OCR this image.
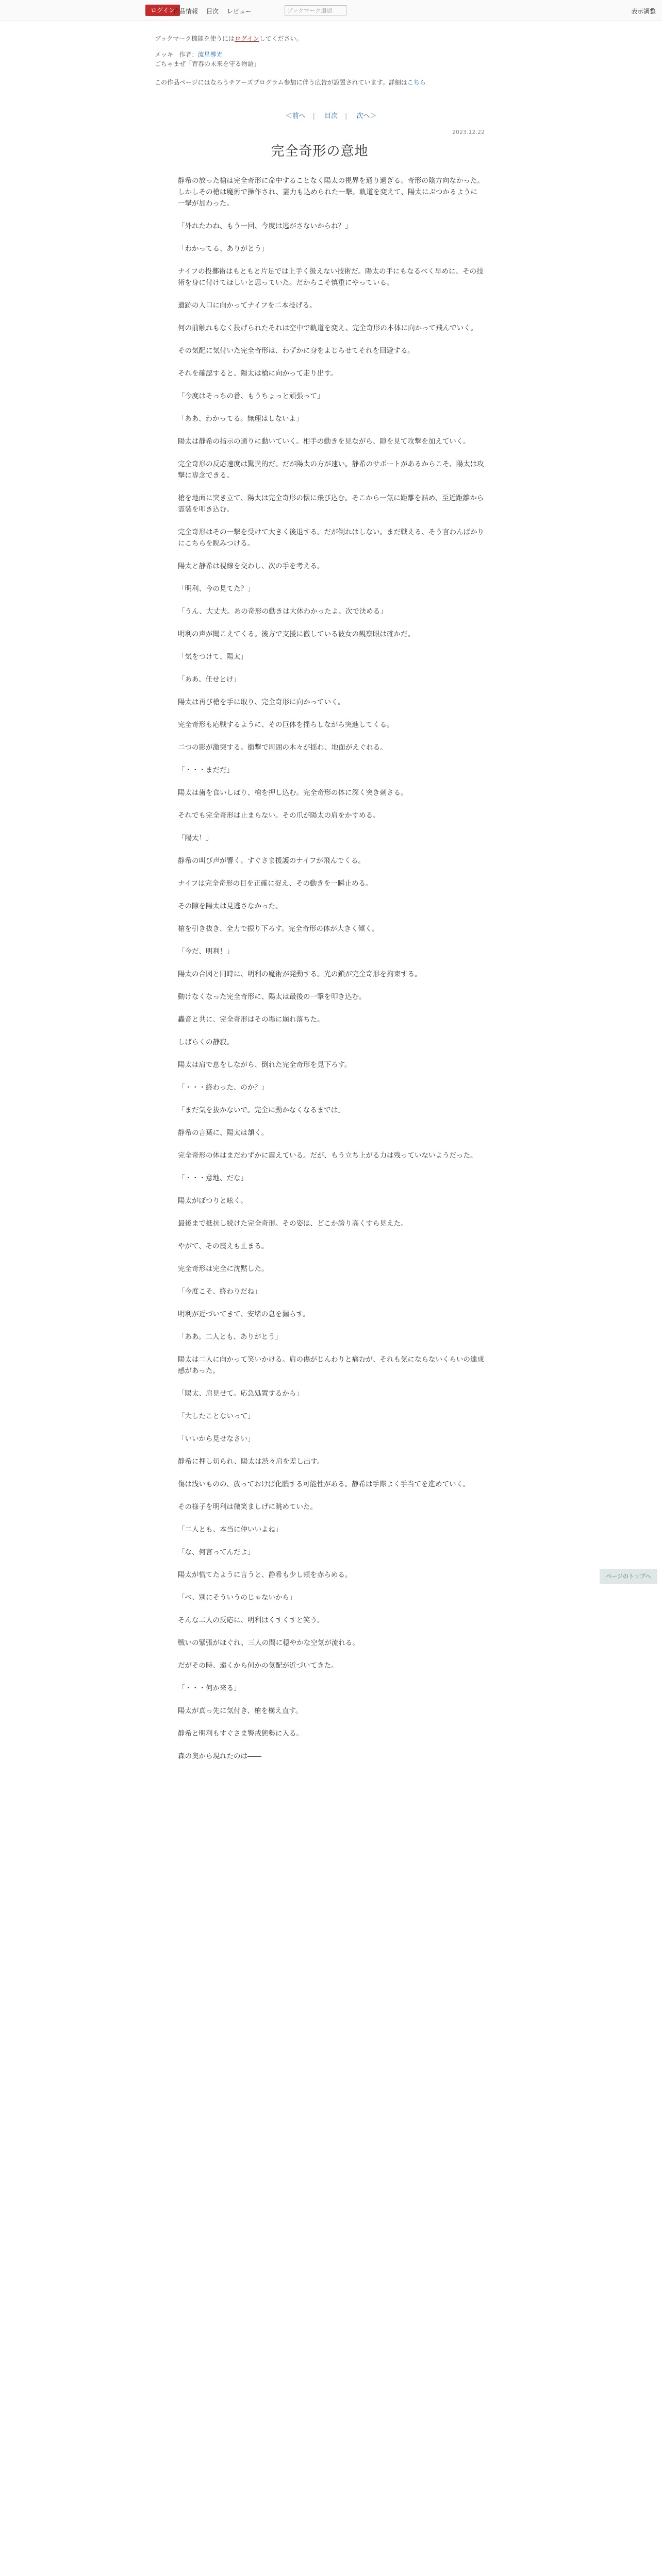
ログイン
作品情報 目次 レビュー	ブックマーク追加	表示調整
ブックマーク機能を使うにはログインしてください。
メッキ 作者：流星導光
ごちゃまぜ「青春の未来を守る物語」
この作品ページにはなろうチアーズプログラム参加に伴う広告が設置されています。詳細はこちら
＜前へ | 目次 | 次へ＞
2023.12.22
完全奇形の意地

静希の放った槍は完全奇形に命中することなく陽太の視界を通り過ぎる。奇形の陰方向なかった。しかしその槍は魔術で操作され、霊力も込められた一撃。軌道を変えて、陽太にぶつかるように一撃が加わった。

「外れたわね、もう一回、今度は逃がさないからね？」

「わかってる、ありがとう」

ナイフの投擲術はもともと片足では上手く扱えない技術だ。陽太の手にもなるべく早めに、その技術を身に付けてほしいと思っていた。だからこそ慎重にやっている。

遺跡の入口に向かってナイフを二本投げる。

何の前触れもなく投げられたそれは空中で軌道を変え、完全奇形の本体に向かって飛んでいく。

その気配に気付いた完全奇形は、わずかに身をよじらせてそれを回避する。

それを確認すると、陽太は槍に向かって走り出す。

「今度はそっちの番、もうちょっと頑張って」

「ああ、わかってる。無理はしないよ」

陽太は静希の指示の通りに動いていく。相手の動きを見ながら、隙を見て攻撃を加えていく。

完全奇形の反応速度は驚異的だ。だが陽太の方が速い。静希のサポートがあるからこそ、陽太は攻撃に専念できる。

槍を地面に突き立て、陽太は完全奇形の懐に飛び込む。そこから一気に距離を詰め、至近距離から霊装を叩き込む。

完全奇形はその一撃を受けて大きく後退する。だが倒れはしない。まだ戦える、そう言わんばかりにこちらを睨みつける。

陽太と静希は視線を交わし、次の手を考える。

「明利、今の見てた？」

「うん、大丈夫。あの奇形の動きは大体わかったよ。次で決める」

明利の声が聞こえてくる。後方で支援に徹している彼女の観察眼は確かだ。

「気をつけて、陽太」

「ああ、任せとけ」

陽太は再び槍を手に取り、完全奇形に向かっていく。

完全奇形も応戦するように、その巨体を揺らしながら突進してくる。

二つの影が激突する。衝撃で周囲の木々が揺れ、地面がえぐれる。

「・・・まだだ」

陽太は歯を食いしばり、槍を押し込む。完全奇形の体に深く突き刺さる。

それでも完全奇形は止まらない。その爪が陽太の肩をかすめる。

「陽太！」

静希の叫び声が響く。すぐさま援護のナイフが飛んでくる。

ナイフは完全奇形の目を正確に捉え、その動きを一瞬止める。

その隙を陽太は見逃さなかった。

槍を引き抜き、全力で振り下ろす。完全奇形の体が大きく傾く。

「今だ、明利！」

陽太の合図と同時に、明利の魔術が発動する。光の鎖が完全奇形を拘束する。

動けなくなった完全奇形に、陽太は最後の一撃を叩き込む。

轟音と共に、完全奇形はその場に崩れ落ちた。

しばらくの静寂。

陽太は肩で息をしながら、倒れた完全奇形を見下ろす。

「・・・終わった、のか？」

「まだ気を抜かないで。完全に動かなくなるまでは」

静希の言葉に、陽太は頷く。

完全奇形の体はまだわずかに震えている。だが、もう立ち上がる力は残っていないようだった。

「・・・意地、だな」

陽太がぽつりと呟く。

最後まで抵抗し続けた完全奇形。その姿は、どこか誇り高くすら見えた。

やがて、その震えも止まる。

完全奇形は完全に沈黙した。

「今度こそ、終わりだね」

明利が近づいてきて、安堵の息を漏らす。

「ああ。二人とも、ありがとう」

陽太は二人に向かって笑いかける。肩の傷がじんわりと痛むが、それも気にならないくらいの達成感があった。

「陽太、肩見せて。応急処置するから」

「大したことないって」

「いいから見せなさい」

静希に押し切られ、陽太は渋々肩を差し出す。

傷は浅いものの、放っておけば化膿する可能性がある。静希は手際よく手当てを進めていく。

その様子を明利は微笑ましげに眺めていた。

「二人とも、本当に仲いいよね」

「な、何言ってんだよ」

陽太が慌てたように言うと、静希も少し頬を赤らめる。

「べ、別にそういうのじゃないから」

そんな二人の反応に、明利はくすくすと笑う。

戦いの緊張がほぐれ、三人の間に穏やかな空気が流れる。

だがその時、遠くから何かの気配が近づいてきた。

「・・・何か来る」

陽太が真っ先に気付き、槍を構え直す。

静希と明利もすぐさま警戒態勢に入る。

森の奥から現れたのは――

ページのトップへ
